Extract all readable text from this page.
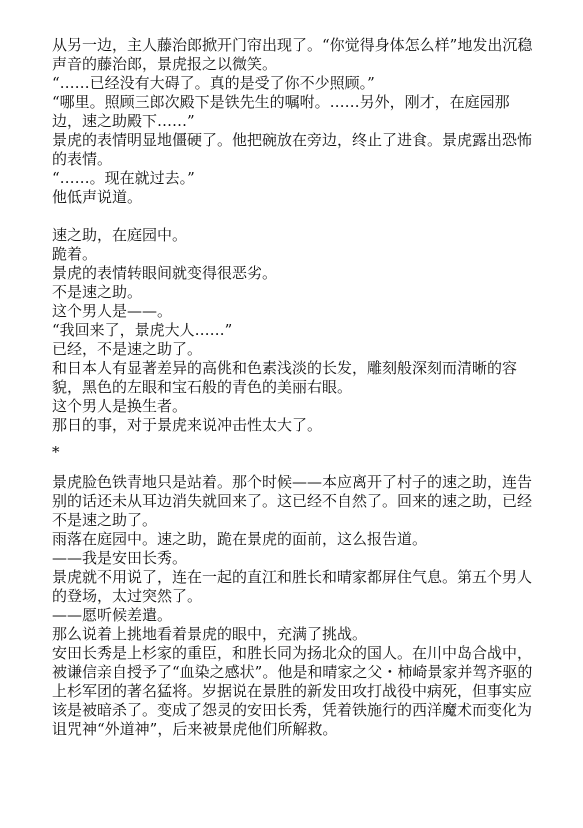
从另一边，主人藤治郎掀开门帘出现了。“你觉得身体怎么样”地发出沉稳声音的藤治郎，景虎报之以微笑。

“……已经没有大碍了。真的是受了你不少照顾。”

“哪里。照顾三郎次殿下是铁先生的嘱咐。……另外，刚才，在庭园那边，速之助殿下……”

景虎的表情明显地僵硬了。他把碗放在旁边，终止了进食。景虎露出恐怖的表情。

“……。现在就过去。”

他低声说道。

速之助，在庭园中。

跪着。

景虎的表情转眼间就变得很恶劣。

不是速之助。

这个男人是——。

“我回来了，景虎大人……”

已经，不是速之助了。

和日本人有显著差异的高佻和色素浅淡的长发，雕刻般深刻而清晰的容貌，黑色的左眼和宝石般的青色的美丽右眼。

这个男人是换生者。

那日的事，对于景虎来说冲击性太大了。

*

景虎脸色铁青地只是站着。那个时候——本应离开了村子的速之助，连告别的话还未从耳边消失就回来了。这已经不自然了。回来的速之助，已经不是速之助了。

雨落在庭园中。速之助，跪在景虎的面前，这么报告道。

——我是安田长秀。

景虎就不用说了，连在一起的直江和胜长和晴家都屏住气息。第五个男人的登场，太过突然了。

——愿听候差遣。

那么说着上挑地看着景虎的眼中，充满了挑战。

安田长秀是上杉家的重臣，和胜长同为扬北众的国人。在川中岛合战中，被谦信亲自授予了“血染之感状”。他是和晴家之父・柿崎景家并驾齐驱的上杉军团的著名猛将。岁据说在景胜的新发田攻打战役中病死，但事实应该是被暗杀了。变成了怨灵的安田长秀，凭着铁施行的西洋魔术而变化为诅咒神“外道神”，后来被景虎他们所解救。
